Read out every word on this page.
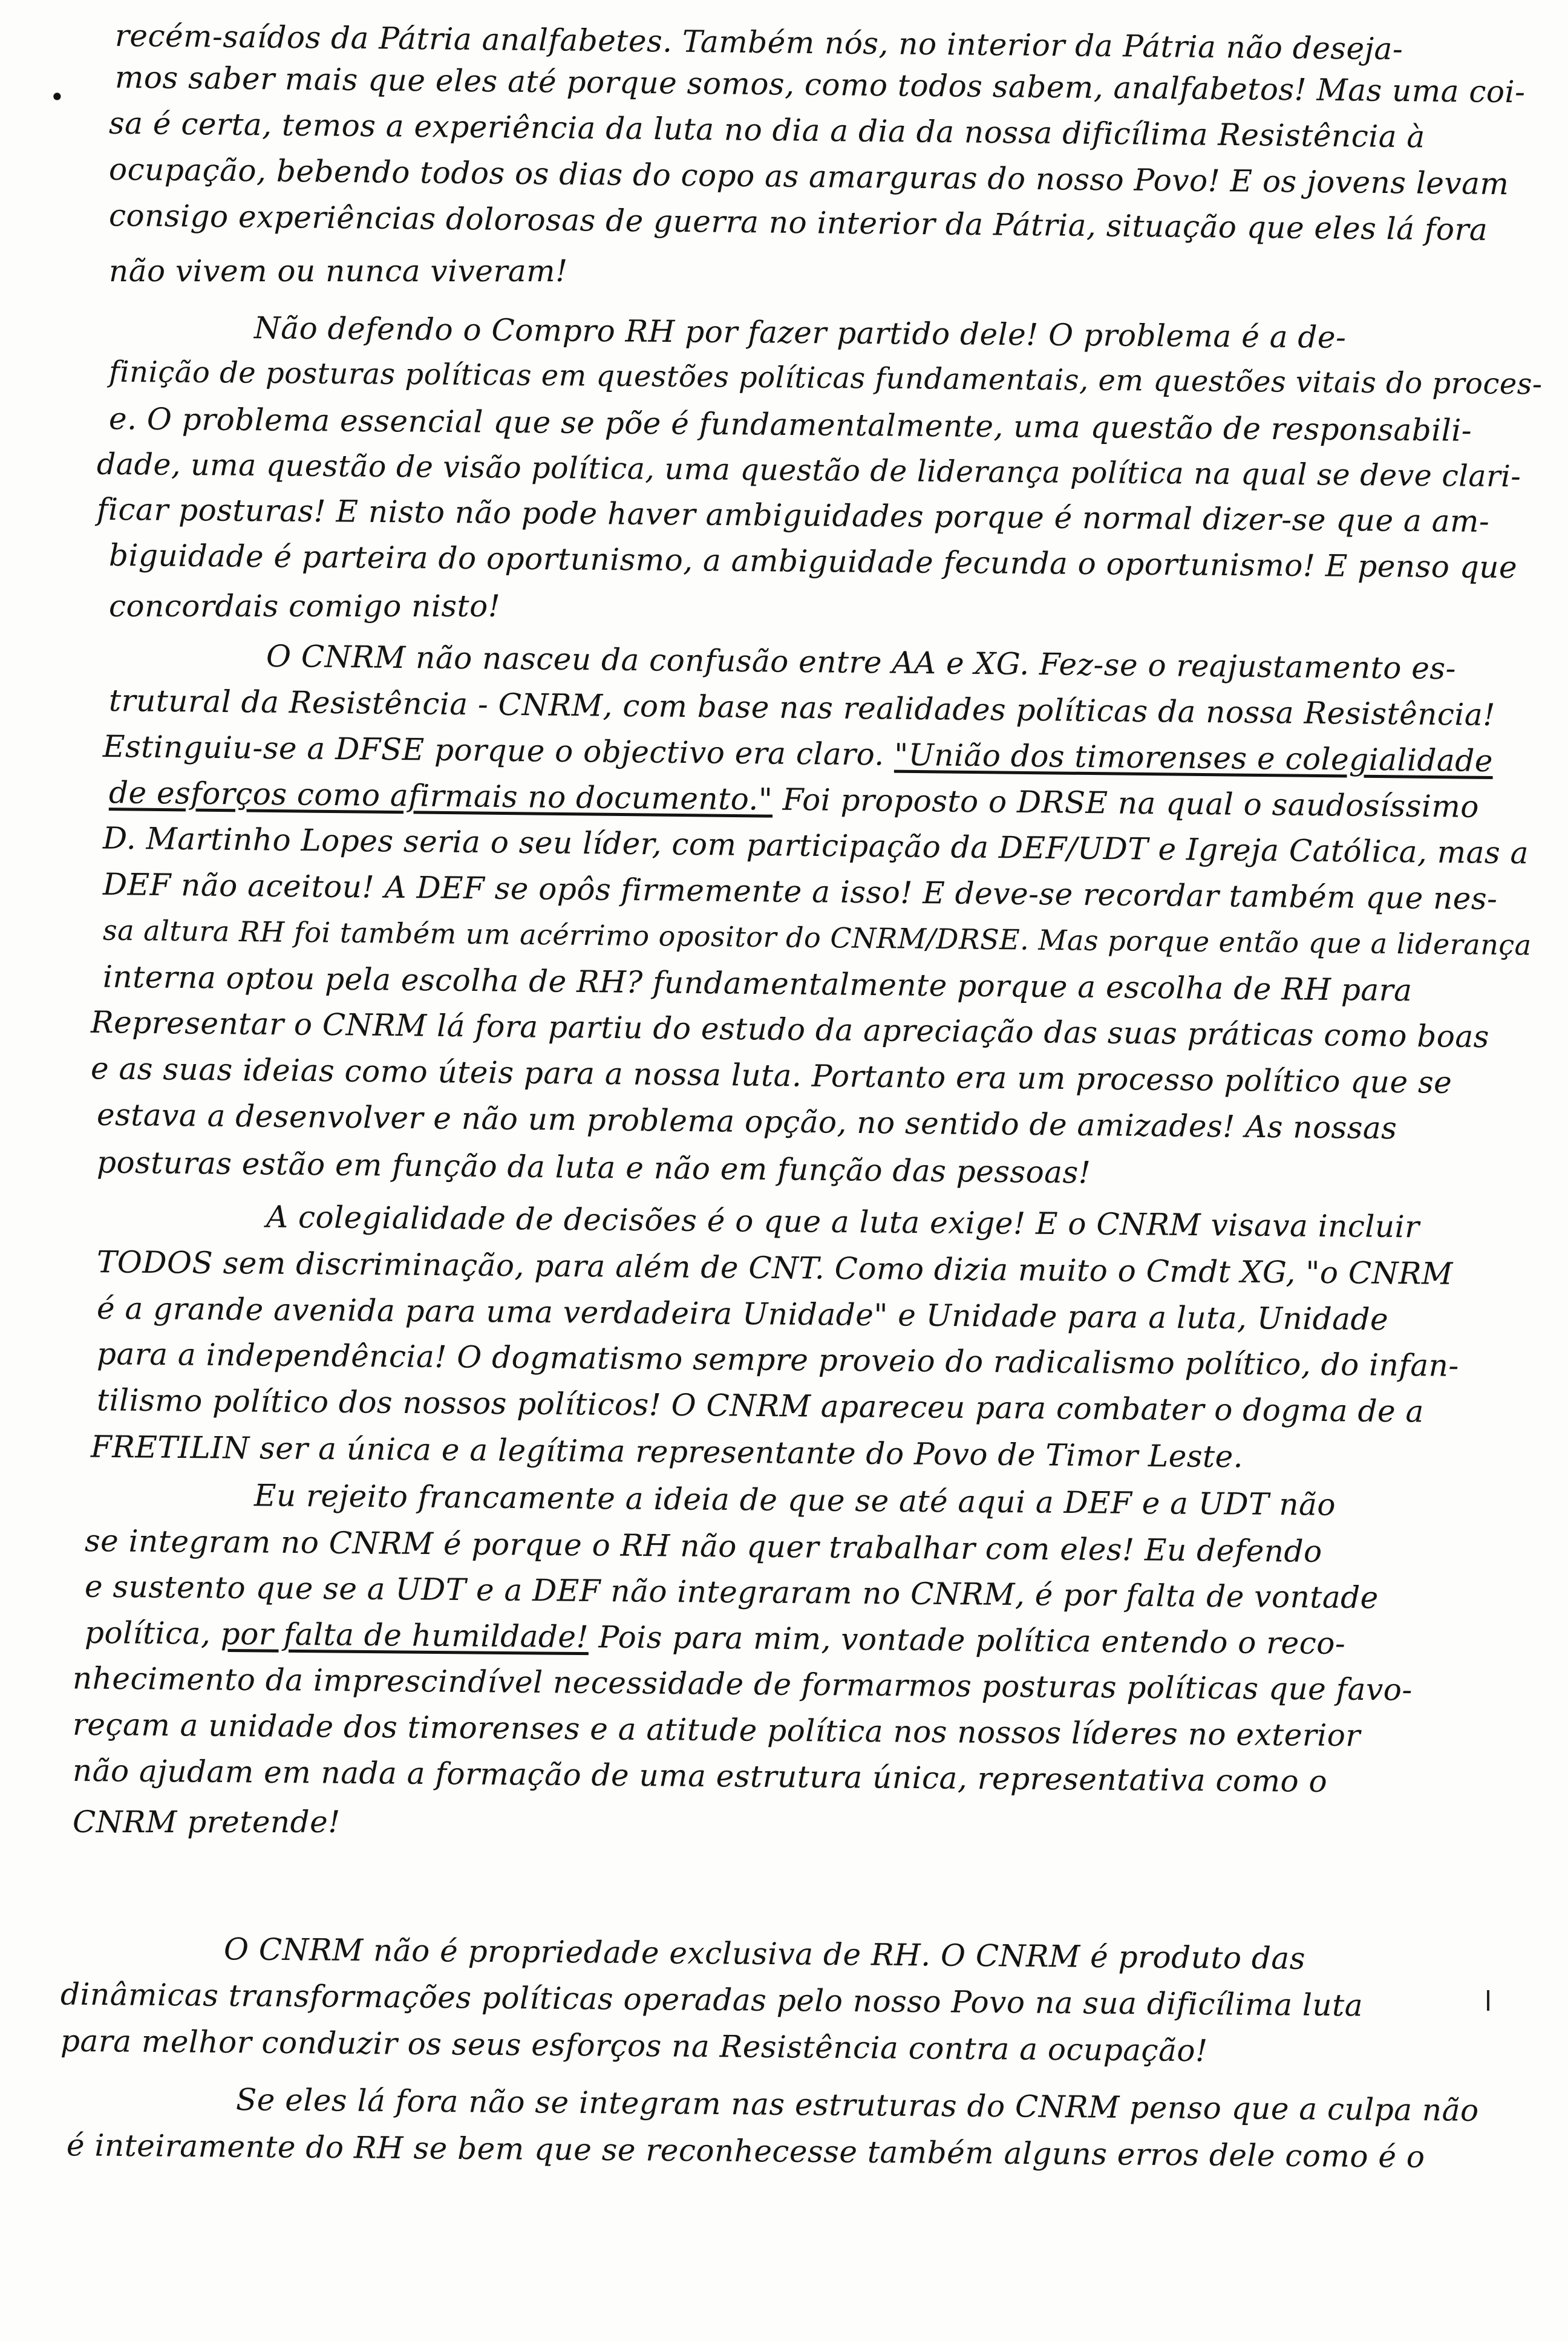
•
recém-saídos da Pátria analfabetes. Também nós, no interior da Pátria não deseja-
mos saber mais que eles até porque somos, como todos sabem, analfabetos! Mas uma coi-
sa é certa, temos a experiência da luta no dia a dia da nossa dificílima Resistência à
ocupação, bebendo todos os dias do copo as amarguras do nosso Povo! E os jovens levam
consigo experiências dolorosas de guerra no interior da Pátria, situação que eles lá fora
não vivem ou nunca viveram!
Não defendo o Compro RH por fazer partido dele! O problema é a de-
finição de posturas políticas em questões políticas fundamentais, em questões vitais do proces-
e. O problema essencial que se põe é fundamentalmente, uma questão de responsabili-
dade, uma questão de visão política, uma questão de liderança política na qual se deve clari-
ficar posturas! E nisto não pode haver ambiguidades porque é normal dizer-se que a am-
biguidade é parteira do oportunismo, a ambiguidade fecunda o oportunismo! E penso que
concordais comigo nisto!
O CNRM não nasceu da confusão entre AA e XG. Fez-se o reajustamento es-
trutural da Resistência - CNRM, com base nas realidades políticas da nossa Resistência!
Estinguiu-se a DFSE porque o objectivo era claro. "União dos timorenses e colegialidade
de esforços como afirmais no documento." Foi proposto o DRSE na qual o saudosíssimo
D. Martinho Lopes seria o seu líder, com participação da DEF/UDT e Igreja Católica, mas a
DEF não aceitou! A DEF se opôs firmemente a isso! E deve-se recordar também que nes-
sa altura RH foi também um acérrimo opositor do CNRM/DRSE. Mas porque então que a liderança
interna optou pela escolha de RH? fundamentalmente porque a escolha de RH para
Representar o CNRM lá fora partiu do estudo da apreciação das suas práticas como boas
e as suas ideias como úteis para a nossa luta. Portanto era um processo político que se
estava a desenvolver e não um problema opção, no sentido de amizades! As nossas
posturas estão em função da luta e não em função das pessoas!
A colegialidade de decisões é o que a luta exige! E o CNRM visava incluir
TODOS sem discriminação, para além de CNT. Como dizia muito o Cmdt XG, "o CNRM
é a grande avenida para uma verdadeira Unidade" e Unidade para a luta, Unidade
para a independência! O dogmatismo sempre proveio do radicalismo político, do infan-
tilismo político dos nossos políticos! O CNRM apareceu para combater o dogma de a
FRETILIN ser a única e a legítima representante do Povo de Timor Leste.
Eu rejeito francamente a ideia de que se até aqui a DEF e a UDT não
se integram no CNRM é porque o RH não quer trabalhar com eles! Eu defendo
e sustento que se a UDT e a DEF não integraram no CNRM, é por falta de vontade
política, por falta de humildade! Pois para mim, vontade política entendo o reco-
nhecimento da imprescindível necessidade de formarmos posturas políticas que favo-
reçam a unidade dos timorenses e a atitude política nos nossos líderes no exterior
não ajudam em nada a formação de uma estrutura única, representativa como o
CNRM pretende!
O CNRM não é propriedade exclusiva de RH. O CNRM é produto das
dinâmicas transformações políticas operadas pelo nosso Povo na sua dificílima luta
para melhor conduzir os seus esforços na Resistência contra a ocupação!
Se eles lá fora não se integram nas estruturas do CNRM penso que a culpa não
é inteiramente do RH se bem que se reconhecesse também alguns erros dele como é o
